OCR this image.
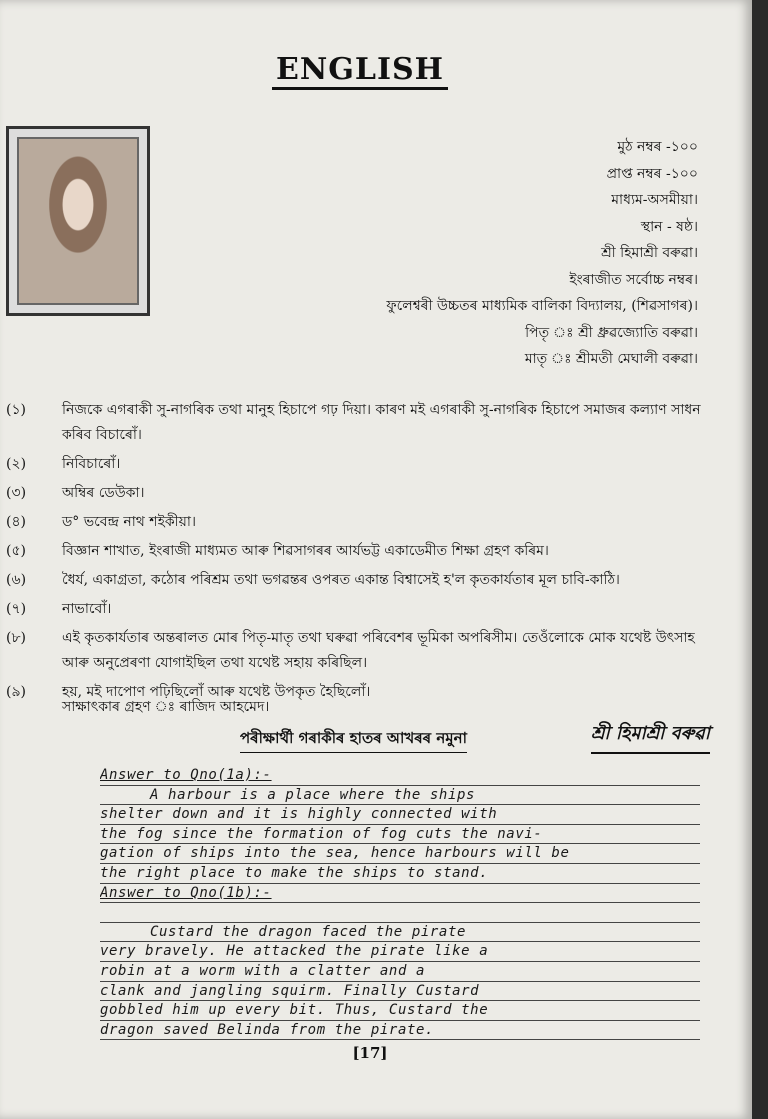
ENGLISH
মুঠ নম্বৰ -১০০
প্ৰাপ্ত নম্বৰ -১০০
মাধ্যম-অসমীয়া।
স্থান - ষষ্ঠ।
শ্ৰী হিমাশ্ৰী বৰুৱা।
ইংৰাজীত সৰ্বোচ্চ নম্বৰ।
ফুলেশ্বৰী উচ্চতৰ মাধ্যমিক বালিকা বিদ্যালয়, (শিৱসাগৰ)।
পিতৃ ঃ শ্ৰী ধ্ৰুৱজ্যোতি বৰুৱা।
মাতৃ ঃ শ্ৰীমতী মেঘালী বৰুৱা।
(১)	নিজকে এগৰাকী সু-নাগৰিক তথা মানুহ হিচাপে গঢ় দিয়া। কাৰণ মই এগৰাকী সু-নাগৰিক হিচাপে সমাজৰ কল্যাণ সাধন কৰিব বিচাৰোঁ।
(২)	নিবিচাৰোঁ।
(৩)	অম্বিৰ ডেউকা।
(৪)	ড° ভবেন্দ্ৰ নাথ শইকীয়া।
(৫)	বিজ্ঞান শাখাত, ইংৰাজী মাধ্যমত আৰু শিৱসাগৰৰ আৰ্যভট্ট একাডেমীত শিক্ষা গ্ৰহণ কৰিম।
(৬)	ধৈৰ্য, একাগ্ৰতা, কঠোৰ পৰিশ্ৰম তথা ভগৱন্তৰ ওপৰত একান্ত বিশ্বাসেই হ'ল কৃতকাৰ্যতাৰ মূল চাবি-কাঠি।
(৭)	নাভাবোঁ।
(৮)	এই কৃতকাৰ্যতাৰ অন্তৰালত মোৰ পিতৃ-মাতৃ তথা ঘৰুৱা পৰিবেশৰ ভূমিকা অপৰিসীম। তেওঁলোকে মোক যথেষ্ট উৎসাহ আৰু অনুপ্ৰেৰণা যোগাইছিল তথা যথেষ্ট সহায় কৰিছিল।
(৯)	হয়, মই দাপোণ পঢ়িছিলোঁ আৰু যথেষ্ট উপকৃত হৈছিলোঁ।
সাক্ষাৎকাৰ গ্ৰহণ ঃ ৰাজিদ আহমেদ।
পৰীক্ষাৰ্থী গৰাকীৰ হাতৰ আখৰৰ নমুনা	শ্ৰী হিমাশ্ৰী বৰুৱা
Answer to Qno(1a):-
A harbour is a place where the ships
shelter down and it is highly connected with
the fog since the formation of fog cuts the navi-
gation of ships into the sea, hence harbours will be
the right place to make the ships to stand.
Answer to Qno(1b):-
Custard the dragon faced the pirate
very bravely. He attacked the pirate like a
robin at a worm with a clatter and a
clank and jangling squirm. Finally Custard
gobbled him up every bit. Thus, Custard the
dragon saved Belinda from the pirate.
[17]
